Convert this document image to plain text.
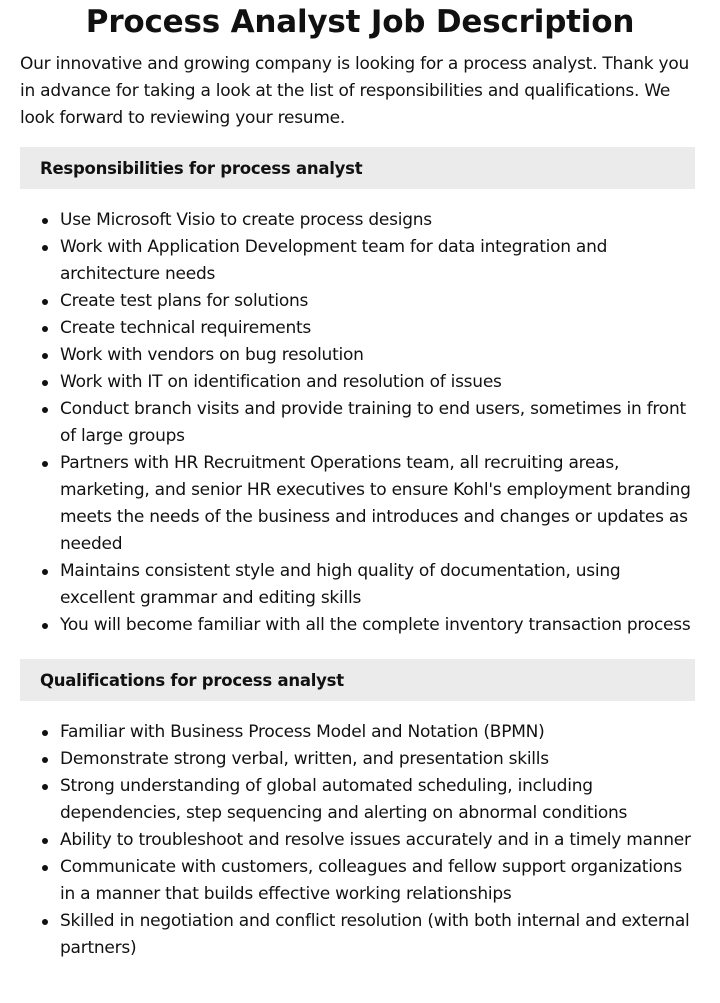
Process Analyst Job Description

Our innovative and growing company is looking for a process analyst. Thank you in advance for taking a look at the list of responsibilities and qualifications. We look forward to reviewing your resume.

Responsibilities for process analyst
Use Microsoft Visio to create process designs
Work with Application Development team for data integration and architecture needs
Create test plans for solutions
Create technical requirements
Work with vendors on bug resolution
Work with IT on identification and resolution of issues
Conduct branch visits and provide training to end users, sometimes in front of large groups
Partners with HR Recruitment Operations team, all recruiting areas, marketing, and senior HR executives to ensure Kohl's employment branding meets the needs of the business and introduces and changes or updates as needed
Maintains consistent style and high quality of documentation, using excellent grammar and editing skills
You will become familiar with all the complete inventory transaction process
Qualifications for process analyst
Familiar with Business Process Model and Notation (BPMN)
Demonstrate strong verbal, written, and presentation skills
Strong understanding of global automated scheduling, including dependencies, step sequencing and alerting on abnormal conditions
Ability to troubleshoot and resolve issues accurately and in a timely manner
Communicate with customers, colleagues and fellow support organizations in a manner that builds effective working relationships
Skilled in negotiation and conflict resolution (with both internal and external partners)
